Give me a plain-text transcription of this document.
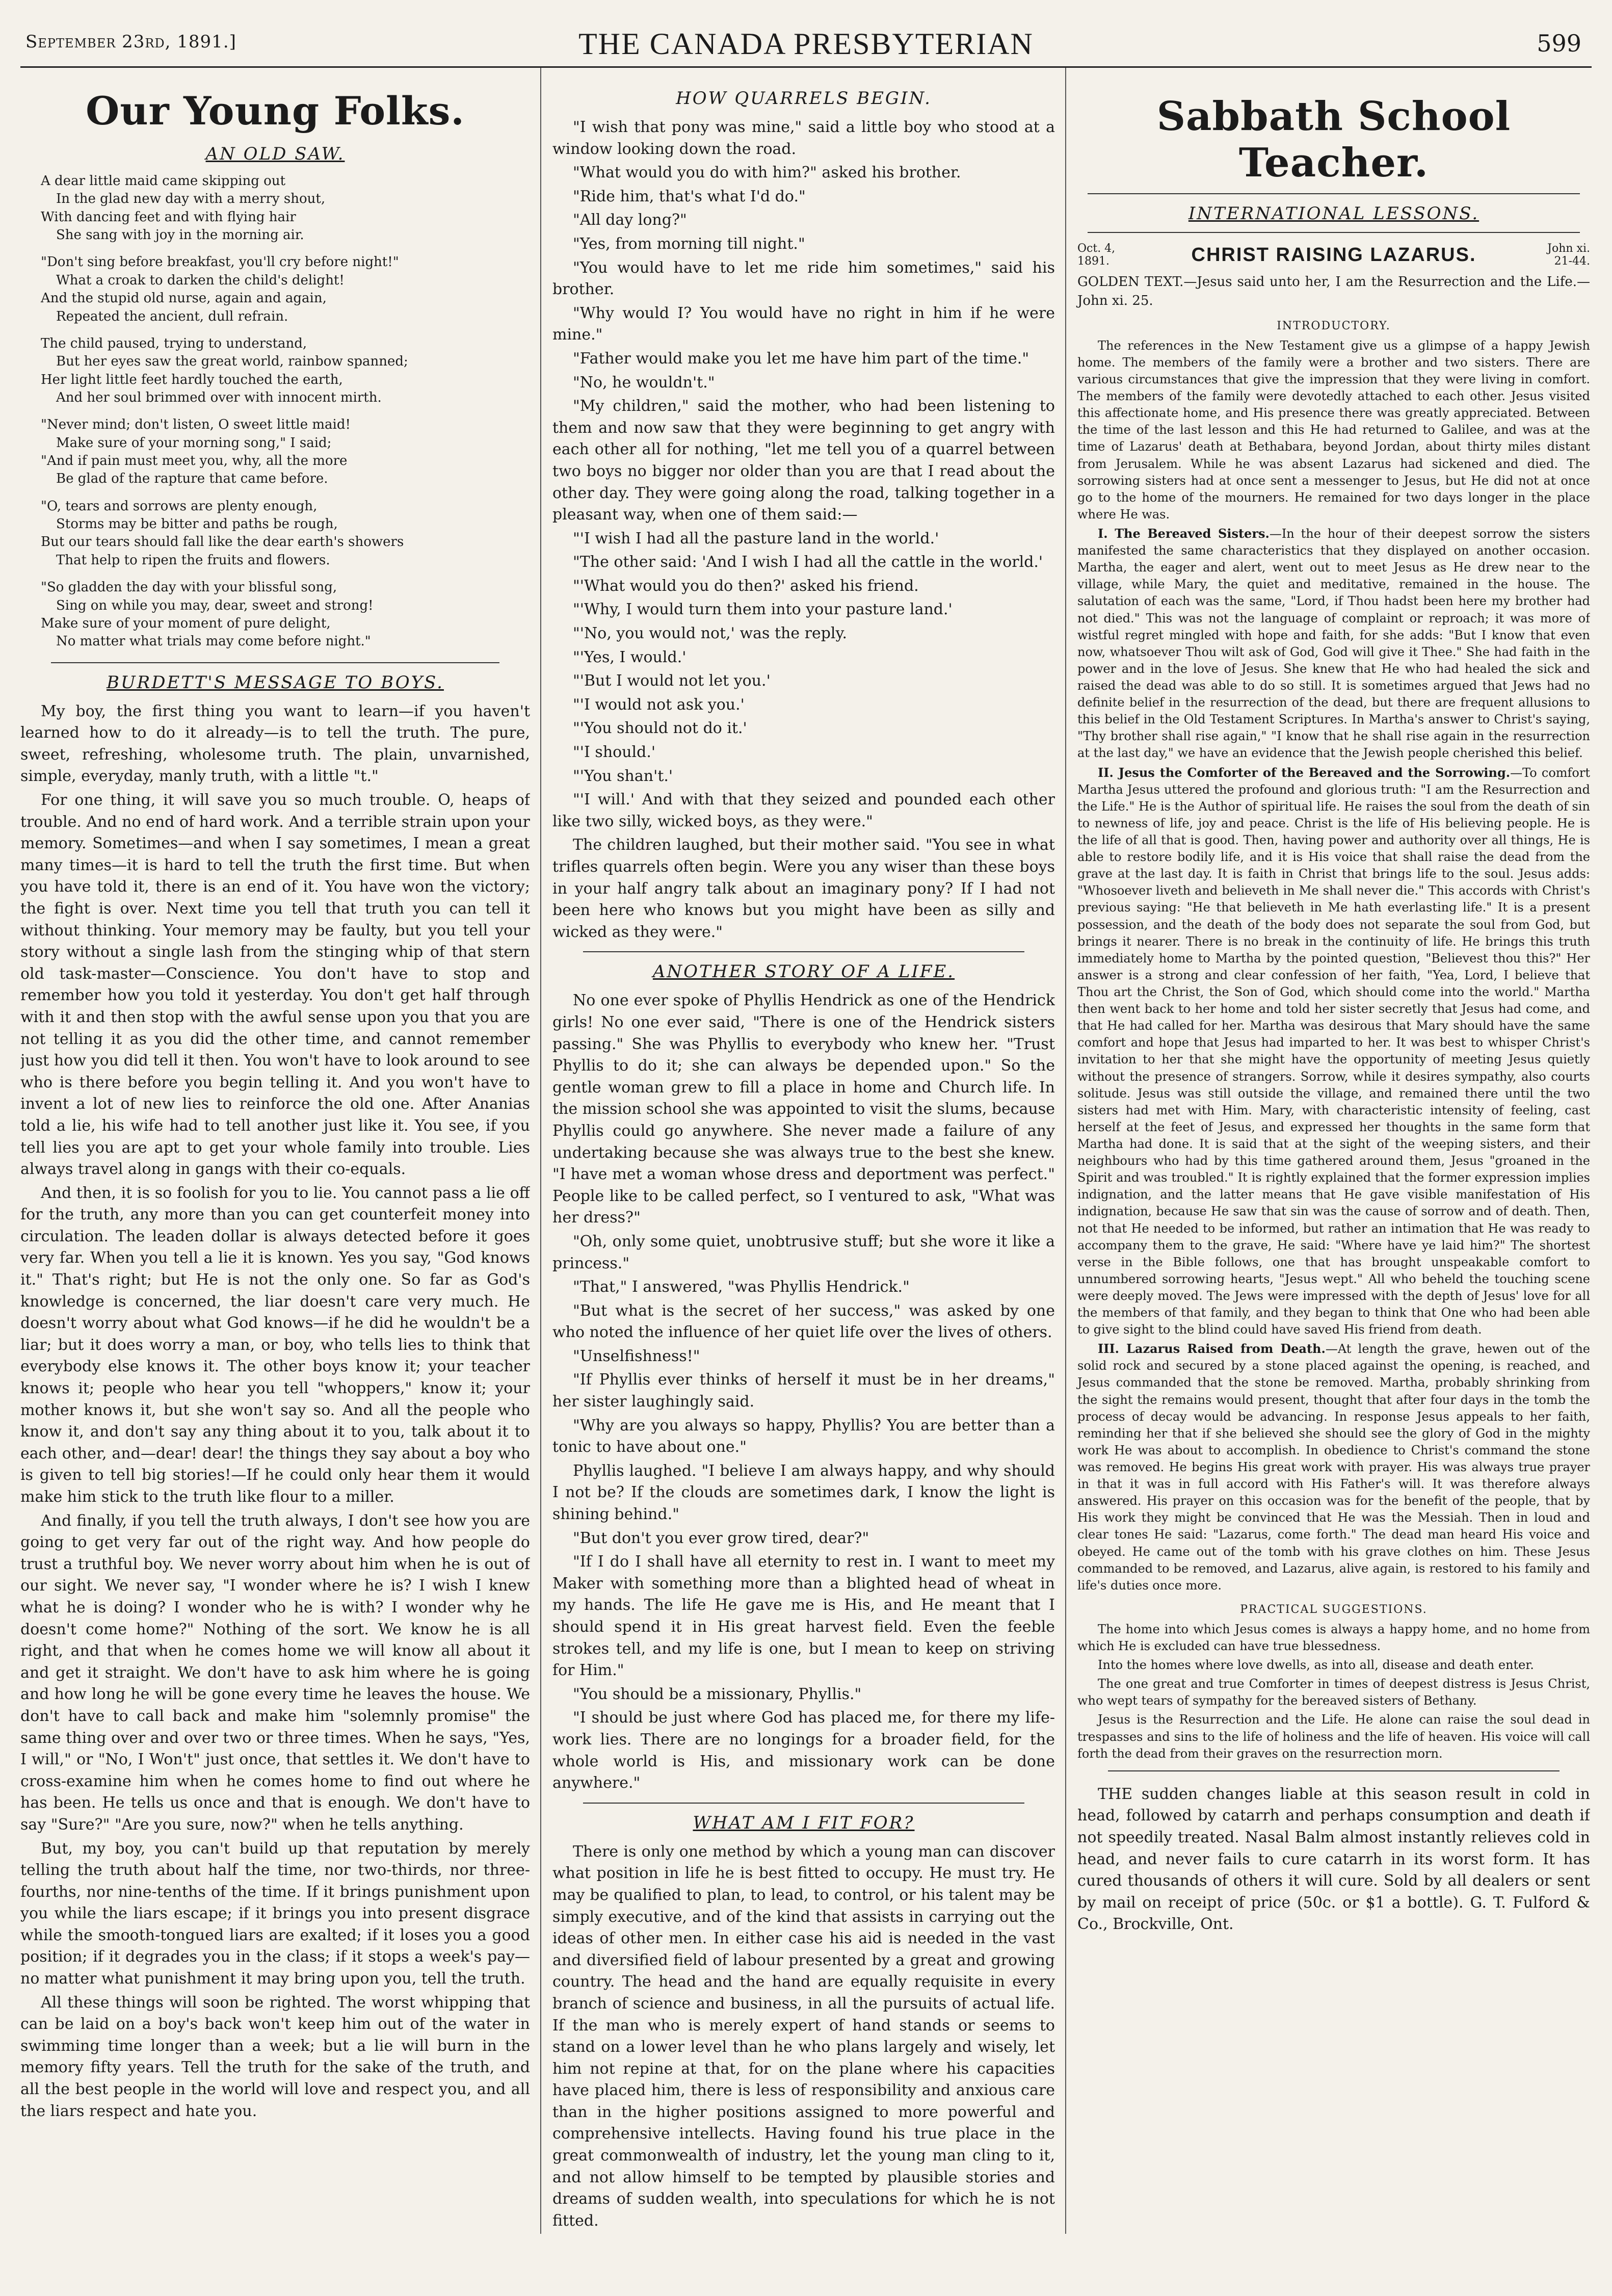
September 23rd, 1891.]	THE CANADA PRESBYTERIAN	599
Our Young Folks.
AN OLD SAW.
A dear little maid came skipping out
In the glad new day with a merry shout,
With dancing feet and with flying hair
She sang with joy in the morning air.
"Don't sing before breakfast, you'll cry before night!"
What a croak to darken the child's delight!
And the stupid old nurse, again and again,
Repeated the ancient, dull refrain.
The child paused, trying to understand,
But her eyes saw the great world, rainbow spanned;
Her light little feet hardly touched the earth,
And her soul brimmed over with innocent mirth.
"Never mind; don't listen, O sweet little maid!
Make sure of your morning song," I said;
"And if pain must meet you, why, all the more
Be glad of the rapture that came before.
"O, tears and sorrows are plenty enough,
Storms may be bitter and paths be rough,
But our tears should fall like the dear earth's showers
That help to ripen the fruits and flowers.
"So gladden the day with your blissful song,
Sing on while you may, dear, sweet and strong!
Make sure of your moment of pure delight,
No matter what trials may come before night."
BURDETT'S MESSAGE TO BOYS.

My boy, the first thing you want to learn—if you haven't learned how to do it already—is to tell the truth. The pure, sweet, refreshing, wholesome truth. The plain, unvarnished, simple, everyday, manly truth, with a little "t."

For one thing, it will save you so much trouble. O, heaps of trouble. And no end of hard work. And a terrible strain upon your memory. Sometimes—and when I say sometimes, I mean a great many times—it is hard to tell the truth the first time. But when you have told it, there is an end of it. You have won the victory; the fight is over. Next time you tell that truth you can tell it without thinking. Your memory may be faulty, but you tell your story without a single lash from the stinging whip of that stern old task-master—Conscience. You don't have to stop and remember how you told it yesterday. You don't get half through with it and then stop with the awful sense upon you that you are not telling it as you did the other time, and cannot remember just how you did tell it then. You won't have to look around to see who is there before you begin telling it. And you won't have to invent a lot of new lies to reinforce the old one. After Ananias told a lie, his wife had to tell another just like it. You see, if you tell lies you are apt to get your whole family into trouble. Lies always travel along in gangs with their co-equals.

And then, it is so foolish for you to lie. You cannot pass a lie off for the truth, any more than you can get counterfeit money into circulation. The leaden dollar is always detected before it goes very far. When you tell a lie it is known. Yes you say, "God knows it." That's right; but He is not the only one. So far as God's knowledge is concerned, the liar doesn't care very much. He doesn't worry about what God knows—if he did he wouldn't be a liar; but it does worry a man, or boy, who tells lies to think that everybody else knows it. The other boys know it; your teacher knows it; people who hear you tell "whoppers," know it; your mother knows it, but she won't say so. And all the people who know it, and don't say any thing about it to you, talk about it to each other, and—dear! dear! the things they say about a boy who is given to tell big stories!—If he could only hear them it would make him stick to the truth like flour to a miller.

And finally, if you tell the truth always, I don't see how you are going to get very far out of the right way. And how people do trust a truthful boy. We never worry about him when he is out of our sight. We never say, "I wonder where he is? I wish I knew what he is doing? I wonder who he is with? I wonder why he doesn't come home?" Nothing of the sort. We know he is all right, and that when he comes home we will know all about it and get it straight. We don't have to ask him where he is going and how long he will be gone every time he leaves the house. We don't have to call back and make him "solemnly promise" the same thing over and over two or three times. When he says, "Yes, I will," or "No, I Won't" just once, that settles it. We don't have to cross-examine him when he comes home to find out where he has been. He tells us once and that is enough. We don't have to say "Sure?" "Are you sure, now?" when he tells anything.

But, my boy, you can't build up that reputation by merely telling the truth about half the time, nor two-thirds, nor three-fourths, nor nine-tenths of the time. If it brings punishment upon you while the liars escape; if it brings you into present disgrace while the smooth-tongued liars are exalted; if it loses you a good position; if it degrades you in the class; if it stops a week's pay—no matter what punishment it may bring upon you, tell the truth.

All these things will soon be righted. The worst whipping that can be laid on a boy's back won't keep him out of the water in swimming time longer than a week; but a lie will burn in the memory fifty years. Tell the truth for the sake of the truth, and all the best people in the world will love and respect you, and all the liars respect and hate you.

HOW QUARRELS BEGIN.

"I wish that pony was mine," said a little boy who stood at a window looking down the road.

"What would you do with him?" asked his brother.

"Ride him, that's what I'd do."

"All day long?"

"Yes, from morning till night."

"You would have to let me ride him sometimes," said his brother.

"Why would I? You would have no right in him if he were mine."

"Father would make you let me have him part of the time."

"No, he wouldn't."

"My children," said the mother, who had been listening to them and now saw that they were beginning to get angry with each other all for nothing, "let me tell you of a quarrel between two boys no bigger nor older than you are that I read about the other day. They were going along the road, talking together in a pleasant way, when one of them said:—

"'I wish I had all the pasture land in the world.'

"The other said: 'And I wish I had all the cattle in the world.'

"'What would you do then?' asked his friend.

"'Why, I would turn them into your pasture land.'

"'No, you would not,' was the reply.

"'Yes, I would.'

"'But I would not let you.'

"'I would not ask you.'

"'You should not do it.'

"'I should.'

"'You shan't.'

"'I will.' And with that they seized and pounded each other like two silly, wicked boys, as they were."

The children laughed, but their mother said. "You see in what trifles quarrels often begin. Were you any wiser than these boys in your half angry talk about an imaginary pony? If I had not been here who knows but you might have been as silly and wicked as they were."

ANOTHER STORY OF A LIFE.

No one ever spoke of Phyllis Hendrick as one of the Hendrick girls! No one ever said, "There is one of the Hendrick sisters passing." She was Phyllis to everybody who knew her. "Trust Phyllis to do it; she can always be depended upon." So the gentle woman grew to fill a place in home and Church life. In the mission school she was appointed to visit the slums, because Phyllis could go anywhere. She never made a failure of any undertaking because she was always true to the best she knew. "I have met a woman whose dress and deportment was perfect." People like to be called perfect, so I ventured to ask, "What was her dress?"

"Oh, only some quiet, unobtrusive stuff; but she wore it like a princess."

"That," I answered, "was Phyllis Hendrick."

"But what is the secret of her success," was asked by one who noted the influence of her quiet life over the lives of others.

"Unselfishness!"

"If Phyllis ever thinks of herself it must be in her dreams," her sister laughingly said.

"Why are you always so happy, Phyllis? You are better than a tonic to have about one."

Phyllis laughed. "I believe I am always happy, and why should I not be? If the clouds are sometimes dark, I know the light is shining behind."

"But don't you ever grow tired, dear?"

"If I do I shall have all eternity to rest in. I want to meet my Maker with something more than a blighted head of wheat in my hands. The life He gave me is His, and He meant that I should spend it in His great harvest field. Even the feeble strokes tell, and my life is one, but I mean to keep on striving for Him."

"You should be a missionary, Phyllis."

"I should be just where God has placed me, for there my life-work lies. There are no longings for a broader field, for the whole world is His, and missionary work can be done anywhere."

WHAT AM I FIT FOR?

There is only one method by which a young man can discover what position in life he is best fitted to occupy. He must try. He may be qualified to plan, to lead, to control, or his talent may be simply executive, and of the kind that assists in carrying out the ideas of other men. In either case his aid is needed in the vast and diversified field of labour presented by a great and growing country. The head and the hand are equally requisite in every branch of science and business, in all the pursuits of actual life. If the man who is merely expert of hand stands or seems to stand on a lower level than he who plans largely and wisely, let him not repine at that, for on the plane where his capacities have placed him, there is less of responsibility and anxious care than in the higher positions assigned to more powerful and comprehensive intellects. Having found his true place in the great commonwealth of industry, let the young man cling to it, and not allow himself to be tempted by plausible stories and dreams of sudden wealth, into speculations for which he is not fitted.

Sabbath School Teacher.
INTERNATIONAL LESSONS.
Oct. 4, 1891.	CHRIST RAISING LAZARUS.	John xi. 21-44.

GOLDEN TEXT.—Jesus said unto her, I am the Resurrection and the Life.—John xi. 25.

INTRODUCTORY.

The references in the New Testament give us a glimpse of a happy Jewish home. The members of the family were a brother and two sisters. There are various circumstances that give the impression that they were living in comfort. The members of the family were devotedly attached to each other. Jesus visited this affectionate home, and His presence there was greatly appreciated. Between the time of the last lesson and this He had returned to Galilee, and was at the time of Lazarus' death at Bethabara, beyond Jordan, about thirty miles distant from Jerusalem. While he was absent Lazarus had sickened and died. The sorrowing sisters had at once sent a messenger to Jesus, but He did not at once go to the home of the mourners. He remained for two days longer in the place where He was.

I. The Bereaved Sisters.—In the hour of their deepest sorrow the sisters manifested the same characteristics that they displayed on another occasion. Martha, the eager and alert, went out to meet Jesus as He drew near to the village, while Mary, the quiet and meditative, remained in the house. The salutation of each was the same, "Lord, if Thou hadst been here my brother had not died." This was not the language of complaint or reproach; it was more of wistful regret mingled with hope and faith, for she adds: "But I know that even now, whatsoever Thou wilt ask of God, God will give it Thee." She had faith in the power and in the love of Jesus. She knew that He who had healed the sick and raised the dead was able to do so still. It is sometimes argued that Jews had no definite belief in the resurrection of the dead, but there are frequent allusions to this belief in the Old Testament Scriptures. In Martha's answer to Christ's saying, "Thy brother shall rise again," "I know that he shall rise again in the resurrection at the last day," we have an evidence that the Jewish people cherished this belief.

II. Jesus the Comforter of the Bereaved and the Sorrowing.—To comfort Martha Jesus uttered the profound and glorious truth: "I am the Resurrection and the Life." He is the Author of spiritual life. He raises the soul from the death of sin to newness of life, joy and peace. Christ is the life of His believing people. He is the life of all that is good. Then, having power and authority over all things, He is able to restore bodily life, and it is His voice that shall raise the dead from the grave at the last day. It is faith in Christ that brings life to the soul. Jesus adds: "Whosoever liveth and believeth in Me shall never die." This accords with Christ's previous saying: "He that believeth in Me hath everlasting life." It is a present possession, and the death of the body does not separate the soul from God, but brings it nearer. There is no break in the continuity of life. He brings this truth immediately home to Martha by the pointed question, "Believest thou this?" Her answer is a strong and clear confession of her faith, "Yea, Lord, I believe that Thou art the Christ, the Son of God, which should come into the world." Martha then went back to her home and told her sister secretly that Jesus had come, and that He had called for her. Martha was desirous that Mary should have the same comfort and hope that Jesus had imparted to her. It was best to whisper Christ's invitation to her that she might have the opportunity of meeting Jesus quietly without the presence of strangers. Sorrow, while it desires sympathy, also courts solitude. Jesus was still outside the village, and remained there until the two sisters had met with Him. Mary, with characteristic intensity of feeling, cast herself at the feet of Jesus, and expressed her thoughts in the same form that Martha had done. It is said that at the sight of the weeping sisters, and their neighbours who had by this time gathered around them, Jesus "groaned in the Spirit and was troubled." It is rightly explained that the former expression implies indignation, and the latter means that He gave visible manifestation of His indignation, because He saw that sin was the cause of sorrow and of death. Then, not that He needed to be informed, but rather an intimation that He was ready to accompany them to the grave, He said: "Where have ye laid him?" The shortest verse in the Bible follows, one that has brought unspeakable comfort to unnumbered sorrowing hearts, "Jesus wept." All who beheld the touching scene were deeply moved. The Jews were impressed with the depth of Jesus' love for all the members of that family, and they began to think that One who had been able to give sight to the blind could have saved His friend from death.

III. Lazarus Raised from Death.—At length the grave, hewen out of the solid rock and secured by a stone placed against the opening, is reached, and Jesus commanded that the stone be removed. Martha, probably shrinking from the sight the remains would present, thought that after four days in the tomb the process of decay would be advancing. In response Jesus appeals to her faith, reminding her that if she believed she should see the glory of God in the mighty work He was about to accomplish. In obedience to Christ's command the stone was removed. He begins His great work with prayer. His was always true prayer in that it was in full accord with His Father's will. It was therefore always answered. His prayer on this occasion was for the benefit of the people, that by His work they might be convinced that He was the Messiah. Then in loud and clear tones He said: "Lazarus, come forth." The dead man heard His voice and obeyed. He came out of the tomb with his grave clothes on him. These Jesus commanded to be removed, and Lazarus, alive again, is restored to his family and life's duties once more.

PRACTICAL SUGGESTIONS.

The home into which Jesus comes is always a happy home, and no home from which He is excluded can have true blessedness.

Into the homes where love dwells, as into all, disease and death enter.

The one great and true Comforter in times of deepest distress is Jesus Christ, who wept tears of sympathy for the bereaved sisters of Bethany.

Jesus is the Resurrection and the Life. He alone can raise the soul dead in trespasses and sins to the life of holiness and the life of heaven. His voice will call forth the dead from their graves on the resurrection morn.

THE sudden changes liable at this season result in cold in head, followed by catarrh and perhaps consumption and death if not speedily treated. Nasal Balm almost instantly relieves cold in head, and never fails to cure catarrh in its worst form. It has cured thousands of others it will cure. Sold by all dealers or sent by mail on receipt of price (50c. or $1 a bottle). G. T. Fulford & Co., Brockville, Ont.
